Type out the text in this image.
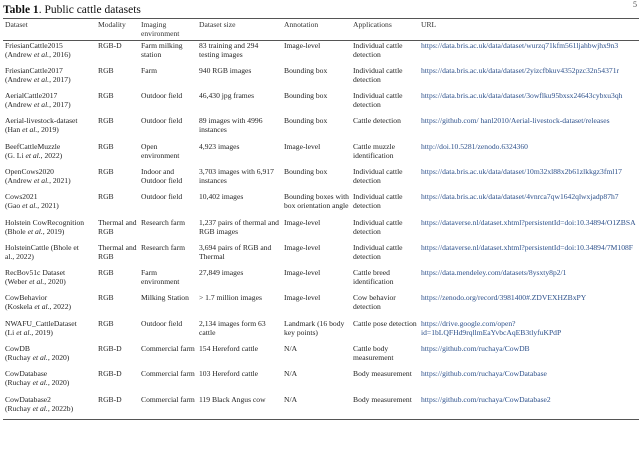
5
Table 1. Public cattle datasets
Dataset	Modality	Imaging environment	Dataset size	Annotation	Applications	URL

FriesianCattle2015
(Andrew et al., 2016)	RGB-D	Farm milking station	83 training and 294 testing images	Image-level	Individual cattle detection	https://data.bris.ac.uk/data/dataset/wurzq71kfm561ljahbwjhx9n3

FriesianCattle2017
(Andrew et al., 2017)	RGB	Farm	940 RGB images	Bounding box	Individual cattle detection	https://data.bris.ac.uk/data/dataset/2yizcfbkuv4352pzc32n54371r

AerialCattle2017
(Andrew et al., 2017)	RGB	Outdoor field	46,430 jpg frames	Bounding box	Individual cattle detection	https://data.bris.ac.uk/data/dataset/3owflku95bxsx24643cybxu3qh

Aerial-livestock-dataset
(Han et al., 2019)	RGB	Outdoor field	89 images with 4996 instances	Bounding box	Cattle detection	https://github.com/ hanl2010/Aerial-livestock-dataset/releases

BeefCattleMuzzle
(G. Li et al., 2022)	RGB	Open environment	4,923 images	Image-level	Cattle muzzle identification	http://doi.10.5281/zenodo.6324360

OpenCows2020
(Andrew et al., 2021)	RGB	Indoor and Outdoor field	3,703 images with 6,917 instances	Bounding box	Individual cattle detection	https://data.bris.ac.uk/data/dataset/10m32xl88x2b61zlkkgz3fml17

Cows2021
(Gao et al., 2021)	RGB	Outdoor field	10,402 images	Bounding boxes with box orientation angle	Individual cattle detection	https://data.bris.ac.uk/data/dataset/4vnrca7qw1642qlwxjadp87h7

Holstein CowRecognition
(Bhole et al., 2019)	Thermal and RGB	Research farm	1,237 pairs of thermal and RGB images	Image-level	Individual cattle detection	https://dataverse.nl/dataset.xhtml?persistentId=doi:10.34894/O1ZBSA

HolsteinCattle (Bhole et
al., 2022)	Thermal and RGB	Research farm	3,694 pairs of RGB and Thermal	Image-level	Individual cattle detection	https://dataverse.nl/dataset.xhtml?persistentId=doi:10.34894/7M108F

RecBov51c Dataset
(Weber et al., 2020)	RGB	Farm environment	27,849 images	Image-level	Cattle breed identification	https://data.mendeley.com/datasets/8ysxty8p2/1

CowBehavior
(Koskela et al., 2022)	RGB	Milking Station	> 1.7 million images	Image-level	Cow behavior detection	https://zenodo.org/record/3981400#.ZDVEXHZBxPY

NWAFU_CattleDataset
(Li et al., 2019)	RGB	Outdoor field	2,134 images form 63 cattle	Landmark (16 body key points)	Cattle pose detection	https://drive.google.com/open?id=1bLQFHd9rqllmEaYvbcAqEB3tlyfuKPdP

CowDB
(Ruchay et al., 2020)	RGB-D	Commercial farm	154 Hereford cattle	N/A	Cattle body measurement	https://github.com/ruchaya/CowDB

CowDatabase
(Ruchay et al., 2020)	RGB-D	Commercial farm	103 Hereford cattle	N/A	Body measurement	https://github.com/ruchaya/CowDatabase

CowDatabase2
(Ruchay et al., 2022b)	RGB-D	Commercial farm	119 Black Angus cow	N/A	Body measurement	https://github.com/ruchaya/CowDatabase2
